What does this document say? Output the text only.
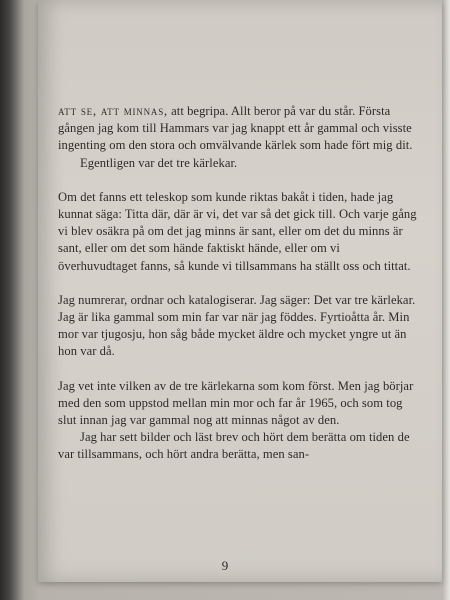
att se, att minnas, att begripa. Allt beror på var du står. Första gången jag kom till Hammars var jag knappt ett år gammal och visste ingenting om den stora och omvälvande kärlek som hade fört mig dit.

Egentligen var det tre kärlekar.

Om det fanns ett teleskop som kunde riktas bakåt i tiden, hade jag kunnat säga: Titta där, där är vi, det var så det gick till. Och varje gång vi blev osäkra på om det jag minns är sant, eller om det du minns är sant, eller om det som hände faktiskt hände, eller om vi överhuvudtaget fanns, så kunde vi tillsammans ha ställt oss och tittat.

Jag numrerar, ordnar och katalogiserar. Jag säger: Det var tre kärlekar. Jag är lika gammal som min far var när jag föddes. Fyrtioåtta år. Min mor var tjugosju, hon såg både mycket äldre och mycket yngre ut än hon var då.

Jag vet inte vilken av de tre kärlekarna som kom först. Men jag börjar med den som uppstod mellan min mor och far år 1965, och som tog slut innan jag var gammal nog att minnas något av den.

Jag har sett bilder och läst brev och hört dem berätta om tiden de var tillsammans, och hört andra berätta, men san-

9
